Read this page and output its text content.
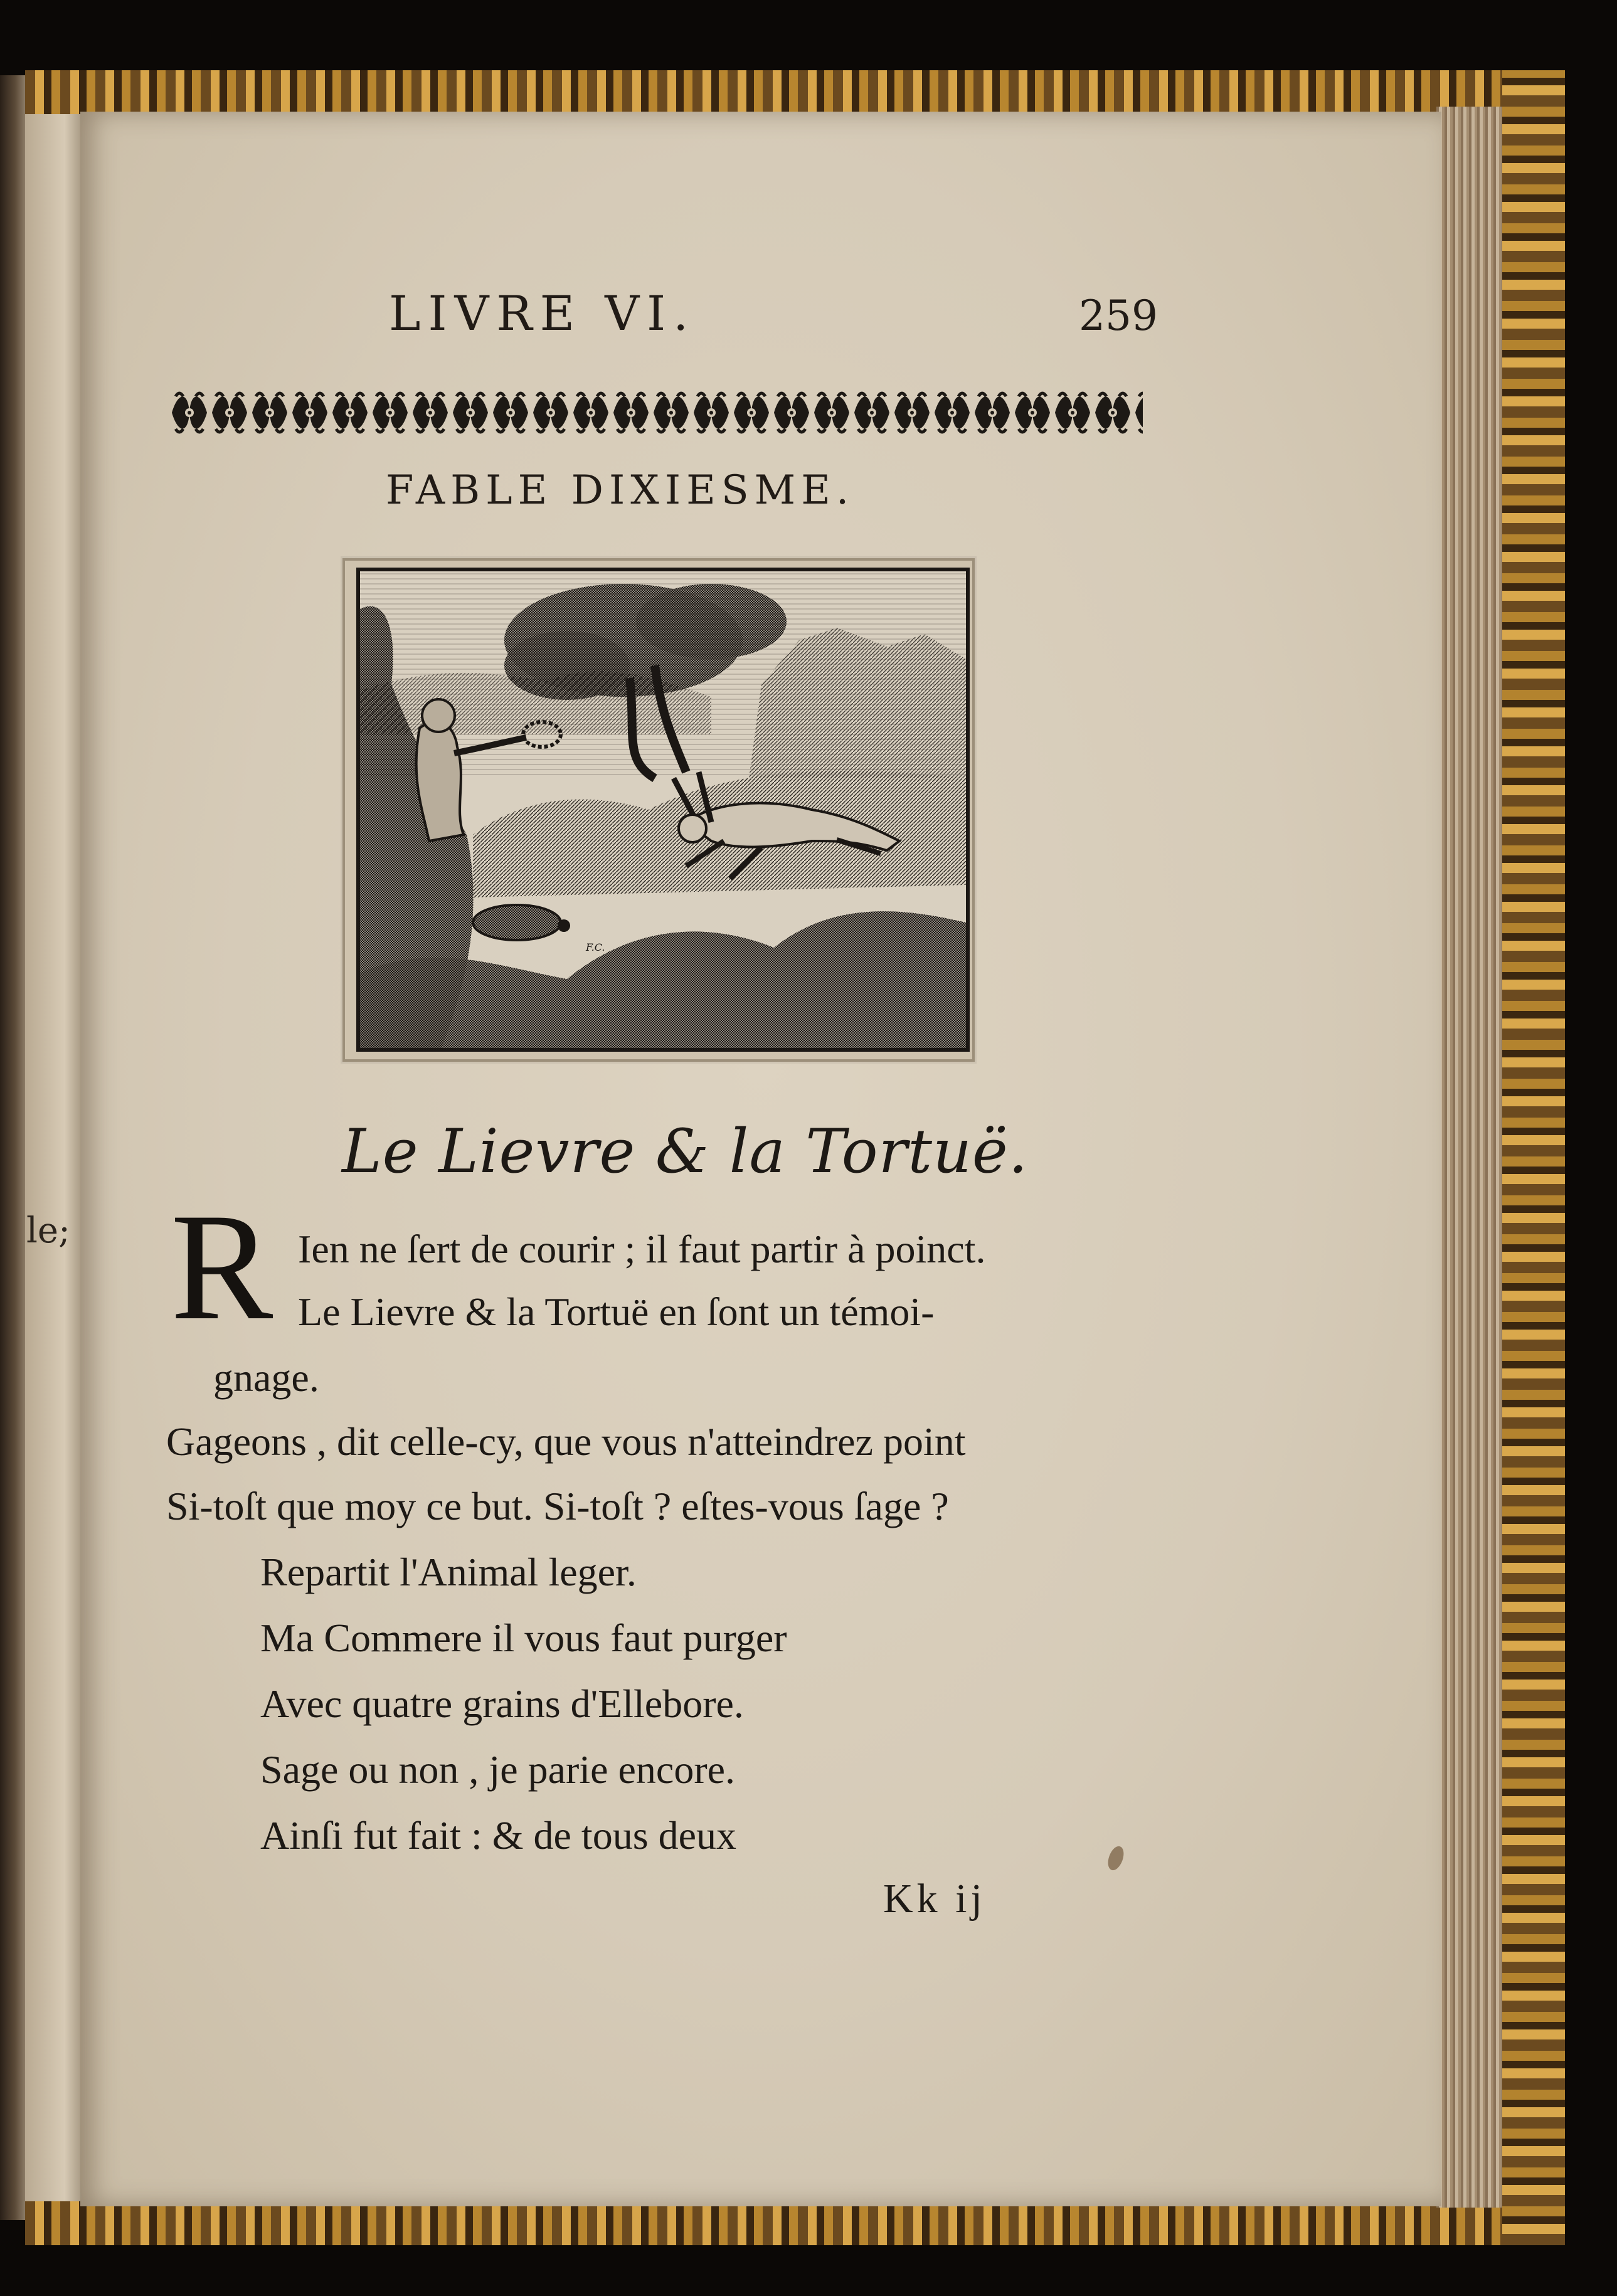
le;
LIVRE VI.	259
FABLE DIXIESME.
F.C.
Le Lievre & la Tortuë.
R Ien ne ſert de courir ; il faut partir à poinct.
Le Lievre & la Tortuë en ſont un témoi-
gnage.
Gageons , dit celle-cy, que vous n'atteindrez point
Si-toſt que moy ce but. Si-toſt ? eſtes-vous ſage ?
Repartit l'Animal leger.
Ma Commere il vous faut purger
Avec quatre grains d'Ellebore.
Sage ou non , je parie encore.
Ainſi fut fait : & de tous deux
Kk ij
